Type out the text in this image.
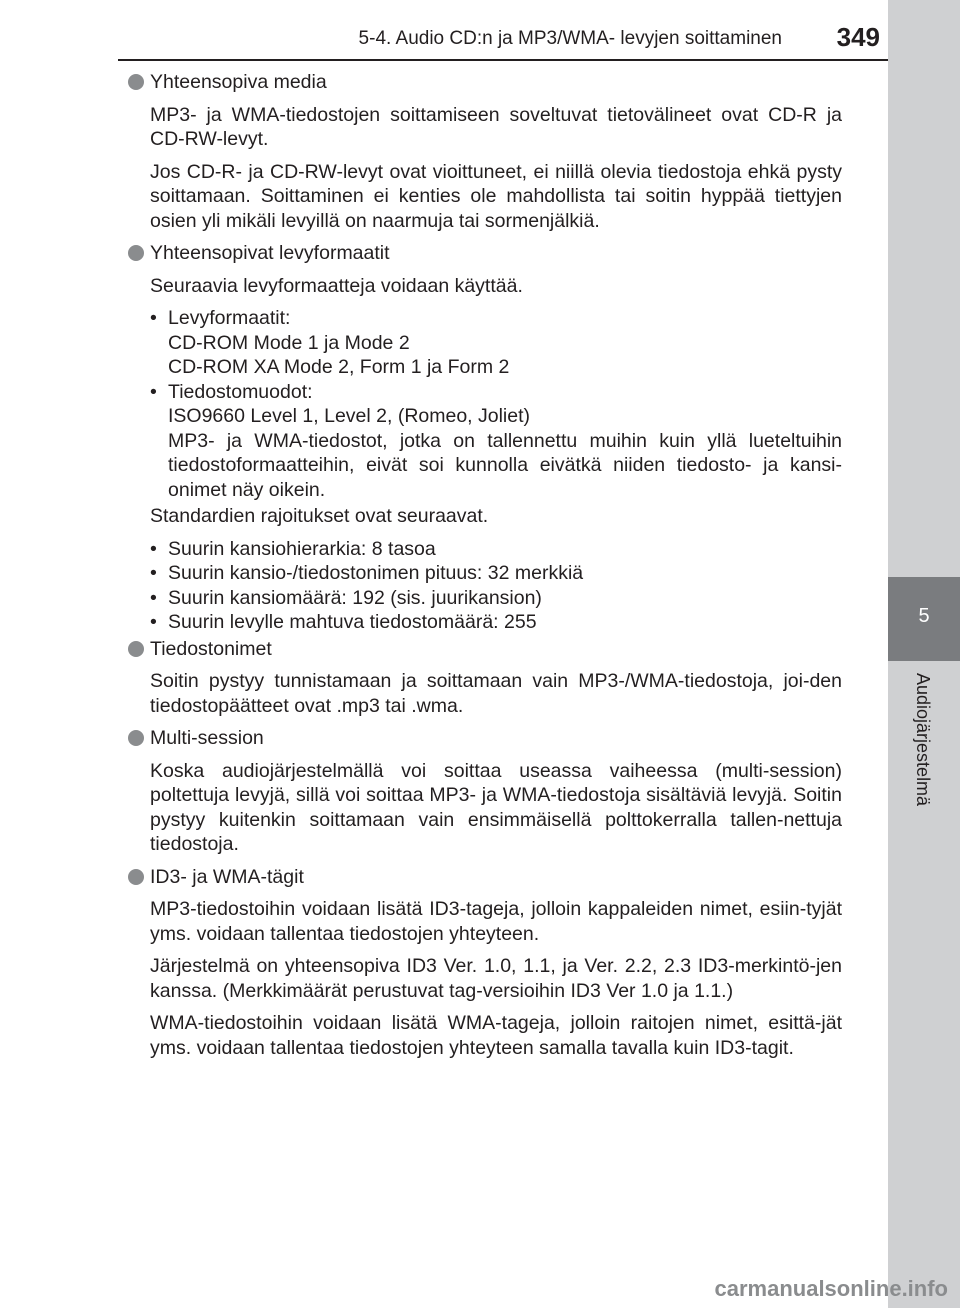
5-4. Audio CD:n ja MP3/WMA- levyjen soittaminen 349
5
Audiojärjestelmä
Yhteensopiva media
MP3- ja WMA-tiedostojen soittamiseen soveltuvat tietovälineet ovat CD-R ja CD-RW-levyt.
Jos CD-R- ja CD-RW-levyt ovat vioittuneet, ei niillä olevia tiedostoja ehkä pysty soittamaan. Soittaminen ei kenties ole mahdollista tai soitin hyppää tiettyjen osien yli mikäli levyillä on naarmuja tai sormenjälkiä.
Yhteensopivat levyformaatit
Seuraavia levyformaatteja voidaan käyttää.
• Levyformaatit:
CD-ROM Mode 1 ja Mode 2
CD-ROM XA Mode 2, Form 1 ja Form 2
• Tiedostomuodot:
ISO9660 Level 1, Level 2, (Romeo, Joliet)
MP3- ja WMA-tiedostot, jotka on tallennettu muihin kuin yllä lueteltuihin tiedostoformaatteihin, eivät soi kunnolla eivätkä niiden tiedosto- ja kansi-onimet näy oikein.
Standardien rajoitukset ovat seuraavat.
• Suurin kansiohierarkia: 8 tasoa
• Suurin kansio-/tiedostonimen pituus: 32 merkkiä
• Suurin kansiomäärä: 192 (sis. juurikansion)
• Suurin levylle mahtuva tiedostomäärä: 255
Tiedostonimet
Soitin pystyy tunnistamaan ja soittamaan vain MP3-/WMA-tiedostoja, joi-den tiedostopäätteet ovat .mp3 tai .wma.
Multi-session
Koska audiojärjestelmällä voi soittaa useassa vaiheessa (multi-session) poltettuja levyjä, sillä voi soittaa MP3- ja WMA-tiedostoja sisältäviä levyjä. Soitin pystyy kuitenkin soittamaan vain ensimmäisellä polttokerralla tallen-nettuja tiedostoja.
ID3- ja WMA-tägit
MP3-tiedostoihin voidaan lisätä ID3-tageja, jolloin kappaleiden nimet, esiin-tyjät yms. voidaan tallentaa tiedostojen yhteyteen.
Järjestelmä on yhteensopiva ID3 Ver. 1.0, 1.1, ja Ver. 2.2, 2.3 ID3-merkintö-jen kanssa. (Merkkimäärät perustuvat tag-versioihin ID3 Ver 1.0 ja 1.1.)
WMA-tiedostoihin voidaan lisätä WMA-tageja, jolloin raitojen nimet, esittä-jät yms. voidaan tallentaa tiedostojen yhteyteen samalla tavalla kuin ID3-tagit.
carmanualsonline.info
